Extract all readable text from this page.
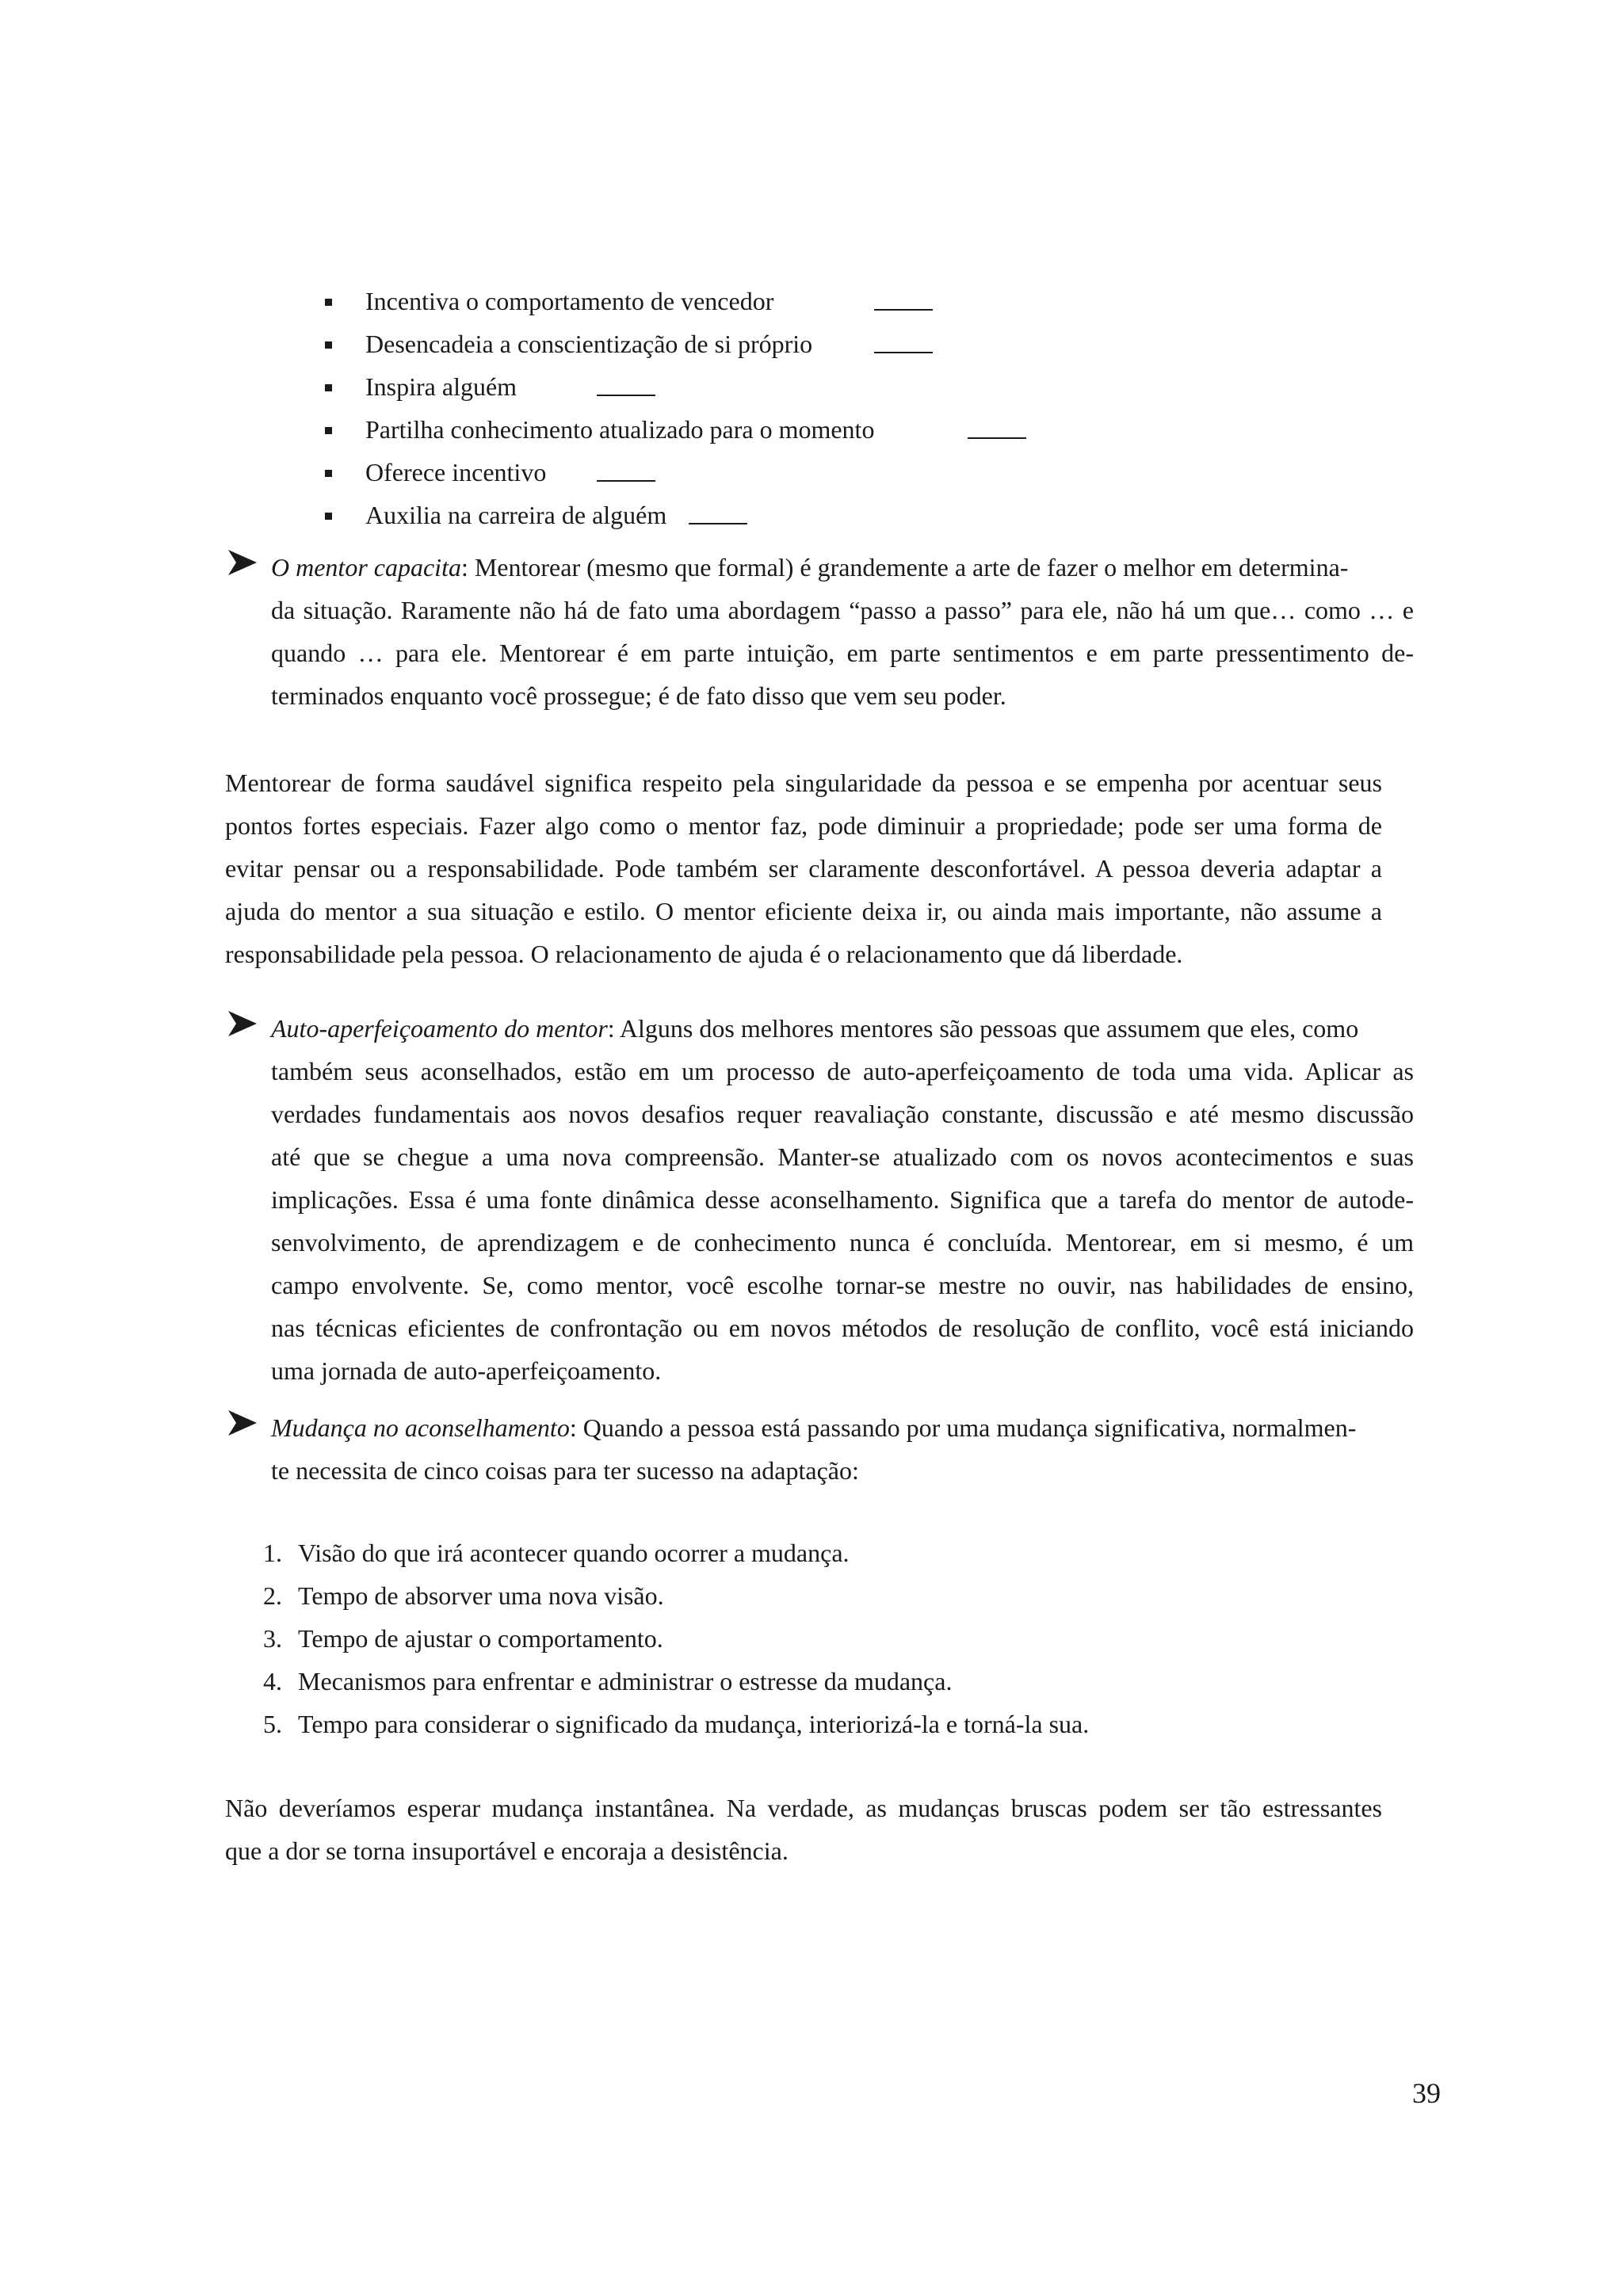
Incentiva o comportamento de vencedor
Desencadeia a conscientização de si próprio
Inspira alguém
Partilha conhecimento atualizado para o momento
Oferece incentivo
Auxilia na carreira de alguém
O mentor capacita: Mentorear (mesmo que formal) é grandemente a arte de fazer o melhor em determina-
da situação. Raramente não há de fato uma abordagem “passo a passo” para ele, não há um que… como … e
quando … para ele. Mentorear é em parte intuição, em parte sentimentos e em parte pressentimento de-
terminados enquanto você prossegue; é de fato disso que vem seu poder.
Mentorear de forma saudável significa respeito pela singularidade da pessoa e se empenha por acentuar seus
pontos fortes especiais. Fazer algo como o mentor faz, pode diminuir a propriedade; pode ser uma forma de
evitar pensar ou a responsabilidade. Pode também ser claramente desconfortável. A pessoa deveria adaptar a
ajuda do mentor a sua situação e estilo. O mentor eficiente deixa ir, ou ainda mais importante, não assume a
responsabilidade pela pessoa. O relacionamento de ajuda é o relacionamento que dá liberdade.
Auto-aperfeiçoamento do mentor: Alguns dos melhores mentores são pessoas que assumem que eles, como
também seus aconselhados, estão em um processo de auto-aperfeiçoamento de toda uma vida. Aplicar as
verdades fundamentais aos novos desafios requer reavaliação constante, discussão e até mesmo discussão
até que se chegue a uma nova compreensão. Manter-se atualizado com os novos acontecimentos e suas
implicações. Essa é uma fonte dinâmica desse aconselhamento. Significa que a tarefa do mentor de autode-
senvolvimento, de aprendizagem e de conhecimento nunca é concluída. Mentorear, em si mesmo, é um
campo envolvente. Se, como mentor, você escolhe tornar-se mestre no ouvir, nas habilidades de ensino,
nas técnicas eficientes de confrontação ou em novos métodos de resolução de conflito, você está iniciando
uma jornada de auto-aperfeiçoamento.
Mudança no aconselhamento: Quando a pessoa está passando por uma mudança significativa, normalmen-
te necessita de cinco coisas para ter sucesso na adaptação:
1. Visão do que irá acontecer quando ocorrer a mudança.
2. Tempo de absorver uma nova visão.
3. Tempo de ajustar o comportamento.
4. Mecanismos para enfrentar e administrar o estresse da mudança.
5. Tempo para considerar o significado da mudança, interiorizá-la e torná-la sua.
Não deveríamos esperar mudança instantânea. Na verdade, as mudanças bruscas podem ser tão estressantes
que a dor se torna insuportável e encoraja a desistência.
39
